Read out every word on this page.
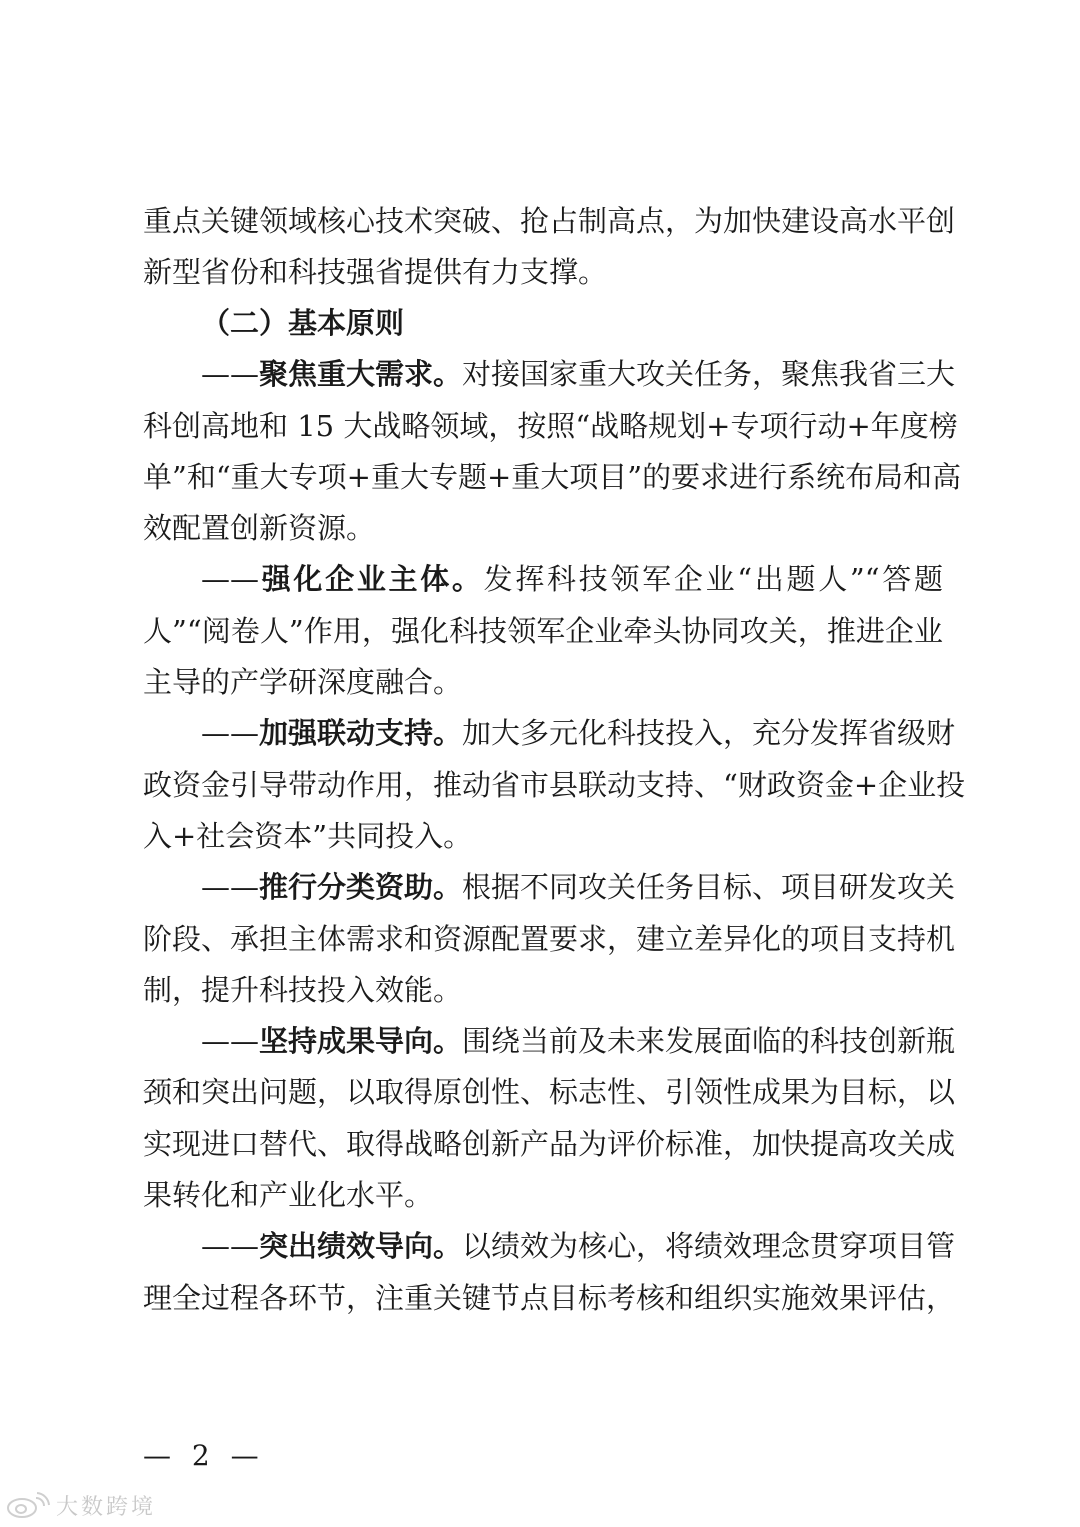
重点关键领域核心技术突破、抢占制高点，为加快建设高水平创
新型省份和科技强省提供有力支撑。
（二）基本原则
——聚焦重大需求。对接国家重大攻关任务，聚焦我省三大
科创高地和 15 大战略领域，按照“战略规划+专项行动+年度榜
单”和“重大专项+重大专题+重大项目”的要求进行系统布局和高
效配置创新资源。
——强化企业主体。发挥科技领军企业“出题人”“答题
人”“阅卷人”作用，强化科技领军企业牵头协同攻关，推进企业
主导的产学研深度融合。
——加强联动支持。加大多元化科技投入，充分发挥省级财
政资金引导带动作用，推动省市县联动支持、“财政资金+企业投
入+社会资本”共同投入。
——推行分类资助。根据不同攻关任务目标、项目研发攻关
阶段、承担主体需求和资源配置要求，建立差异化的项目支持机
制，提升科技投入效能。
——坚持成果导向。围绕当前及未来发展面临的科技创新瓶
颈和突出问题，以取得原创性、标志性、引领性成果为目标，以
实现进口替代、取得战略创新产品为评价标准，加快提高攻关成
果转化和产业化水平。
——突出绩效导向。以绩效为核心，将绩效理念贯穿项目管
理全过程各环节，注重关键节点目标考核和组织实施效果评估，
— 2 —
大数跨境
